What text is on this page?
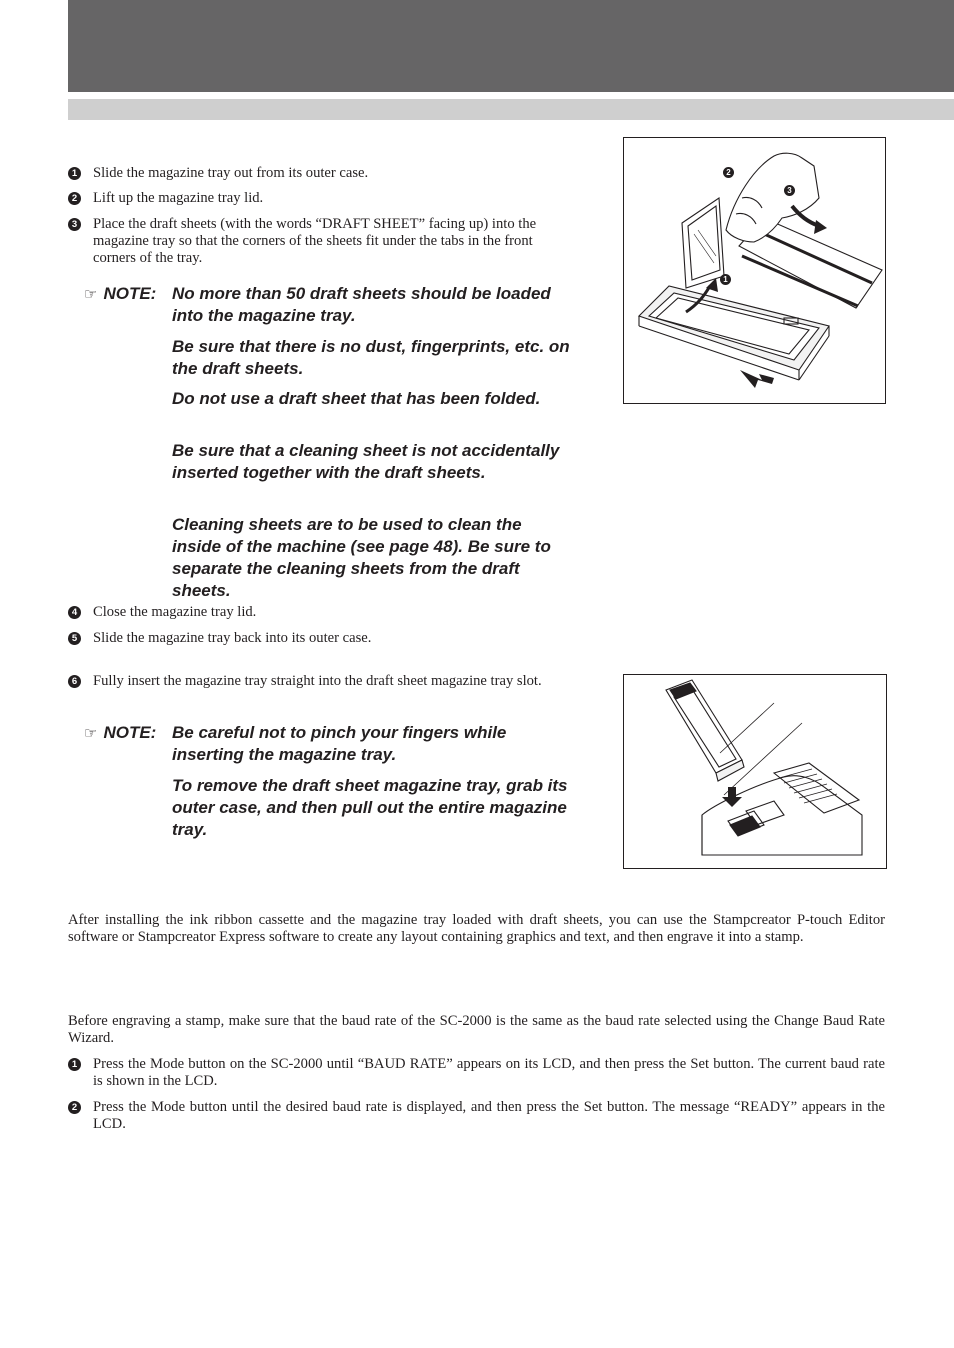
1 Slide the magazine tray out from its outer case.
2 Lift up the magazine tray lid.
3 Place the draft sheets (with the words “DRAFT SHEET” facing up) into the magazine tray so that the corners of the sheets fit under the tabs in the front corners of the tray.
☞ NOTE: No more than 50 draft sheets should be loaded into the magazine tray.
Be sure that there is no dust, fingerprints, etc. on the draft sheets.
Do not use a draft sheet that has been folded.
Be sure that a cleaning sheet is not accidentally inserted together with the draft sheets.
Cleaning sheets are to be used to clean the inside of the machine (see page 48). Be sure to separate the cleaning sheets from the draft sheets.
4 Close the magazine tray lid.
5 Slide the magazine tray back into its outer case.
6 Fully insert the magazine tray straight into the draft sheet magazine tray slot.
☞ NOTE: Be careful not to pinch your fingers while inserting the magazine tray.
To remove the draft sheet magazine tray, grab its outer case, and then pull out the entire magazine tray.
2
3
1
After installing the ink ribbon cassette and the magazine tray loaded with draft sheets, you can use the Stampcreator P-touch Editor software or Stampcreator Express software to create any layout containing graphics and text, and then engrave it into a stamp.
Before engraving a stamp, make sure that the baud rate of the SC-2000 is the same as the baud rate selected using the Change Baud Rate Wizard.
1 Press the Mode button on the SC-2000 until “BAUD RATE” appears on its LCD, and then press the Set button. The current baud rate is shown in the LCD.
2 Press the Mode button until the desired baud rate is displayed, and then press the Set button. The message “READY” appears in the LCD.
